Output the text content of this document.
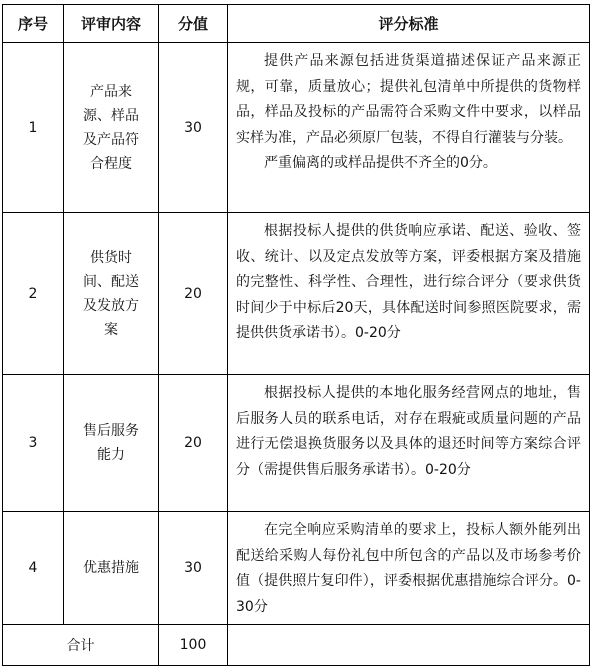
序号	评审内容	分值	评分标准
1	产品来源、样品及产品符合程度	30	提供产品来源包括进货渠道描述保证产品来源正规，可靠，质量放心；提供礼包清单中所提供的货物样品，样品及投标的产品需符合采购文件中要求，以样品实样为准，产品必须原厂包装，不得自行灌装与分装。
严重偏离的或样品提供不齐全的0分。

2	供货时间、配送及发放方案	20	根据投标人提供的供货响应承诺、配送、验收、签收、统计、以及定点发放等方案，评委根据方案及措施的完整性、科学性、合理性，进行综合评分（要求供货时间少于中标后20天，具体配送时间参照医院要求，需提供供货承诺书）。0-20分

3	售后服务能力	20	根据投标人提供的本地化服务经营网点的地址，售后服务人员的联系电话，对存在瑕疵或质量问题的产品进行无偿退换货服务以及具体的退还时间等方案综合评分（需提供售后服务承诺书）。0-20分

4	优惠措施	30	在完全响应采购清单的要求上，投标人额外能列出配送给采购人每份礼包中所包含的产品以及市场参考价值（提供照片复印件），评委根据优惠措施综合评分。0-30分

合计		100	
